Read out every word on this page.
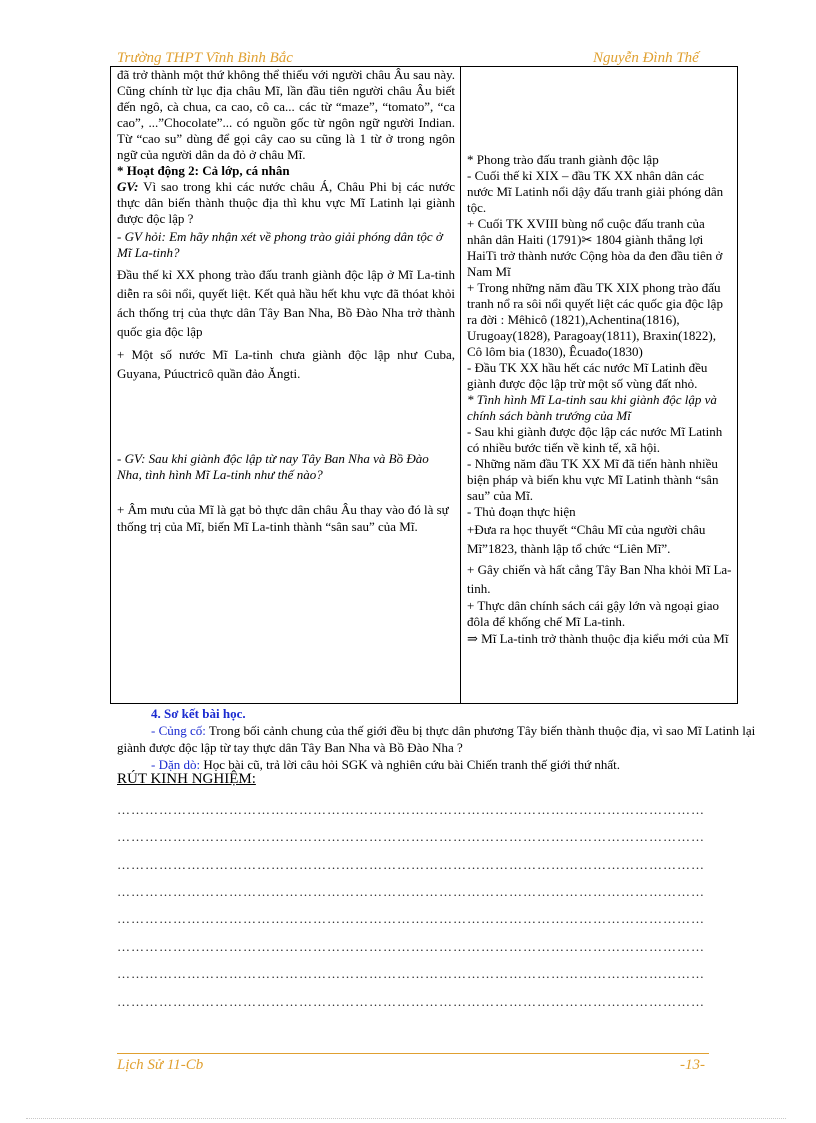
Trường THPT Vĩnh Bình Bắc	Nguyễn Đình Thế

đã trở thành một thứ không thể thiếu với người châu Âu sau này. Cũng chính từ lục địa châu Mĩ, lần đầu tiên người châu Âu biết đến ngô, cà chua, ca cao, cô ca... các từ “maze”, “tomato”, “ca cao”, ...”Chocolate”... có nguồn gốc từ ngôn ngữ người Indian. Từ “cao su” dùng để gọi cây cao su cũng là 1 từ ở trong ngôn ngữ của người dân da đỏ ở châu Mĩ.

* Hoạt động 2: Cả lớp, cá nhân

GV: Vì sao trong khi các nước châu Á, Châu Phi bị các nước thực dân biến thành thuộc địa thì khu vực Mĩ Latinh lại giành được độc lập ?

- GV hỏi: Em hãy nhận xét về phong trào giải phóng dân tộc ở Mĩ La-tinh?

Đầu thế kỉ XX phong trào đấu tranh giành độc lập ở Mĩ La-tinh diễn ra sôi nổi, quyết liệt. Kết quả hầu hết khu vực đã thóat khỏi ách thống trị của thực dân Tây Ban Nha, Bồ Đào Nha trở thành quốc gia độc lập

+ Một số nước Mĩ La-tinh chưa giành độc lập như Cuba, Guyana, Púuctricô quần đảo Ăngti.

- GV: Sau khi giành độc lập từ nay Tây Ban Nha và Bồ Đào Nha, tình hình Mĩ La-tinh như thế nào?

+ Âm mưu của Mĩ là gạt bỏ thực dân châu Âu thay vào đó là sự thống trị của Mĩ, biến Mĩ La-tinh thành “sân sau” của Mĩ.

* Phong trào đấu tranh giành độc lập

- Cuối thế kỉ XIX – đầu TK XX nhân dân các nước Mĩ Latinh nổi dậy đấu tranh giải phóng dân tộc.

+ Cuối TK XVIII bùng nổ cuộc đấu tranh của nhân dân Haiti (1791)✂ 1804 giành thắng lợi HaiTi trở thành nước Cộng hòa da đen đầu tiên ở Nam Mĩ

+ Trong những năm đầu TK XIX phong trào đấu tranh nổ ra sôi nổi quyết liệt các quốc gia độc lập ra đời : Mêhicô (1821),Achentina(1816), Urugoay(1828), Paragoay(1811), Braxin(1822), Cô lôm bia (1830), Êcuađo(1830)

- Đầu TK XX hầu hết các nước Mĩ Latinh đều giành được độc lập trừ một số vùng đất nhỏ.

* Tình hình Mĩ La-tinh sau khi giành độc lập và chính sách bành trướng của Mĩ

- Sau khi giành được độc lập các nước Mĩ Latinh có nhiều bước tiến về kinh tế, xã hội.

- Những năm đầu TK XX Mĩ đã tiến hành nhiều biện pháp và biến khu vực Mĩ Latinh thành “sân sau” của Mĩ.

- Thủ đoạn thực hiện

+Đưa ra học thuyết “Châu Mĩ của người châu Mĩ”1823, thành lập tổ chức “Liên Mĩ”.

+ Gây chiến và hất cẳng Tây Ban Nha khỏi Mĩ La-tinh.

+ Thực dân chính sách cái gậy lớn và ngoại giao đôla để khống chế Mĩ La-tinh.

⇒ Mĩ La-tinh trở thành thuộc địa kiểu mới của Mĩ

4. Sơ kết bài học.

- Củng cố: Trong bối cảnh chung của thế giới đều bị thực dân phương Tây biến thành thuộc địa, vì sao Mĩ Latinh lại giành được độc lập từ tay thực dân Tây Ban Nha và Bồ Đào Nha ?

- Dặn dò: Học bài cũ, trả lời câu hỏi SGK và nghiên cứu bài Chiến tranh thế giới thứ nhất.

RÚT KINH NGHIỆM:
………………………………………………………………………………………………………………
………………………………………………………………………………………………………………
………………………………………………………………………………………………………………
………………………………………………………………………………………………………………
………………………………………………………………………………………………………………
………………………………………………………………………………………………………………
………………………………………………………………………………………………………………
………………………………………………………………………………………………………………
Lịch Sử 11-Cb	-13-
